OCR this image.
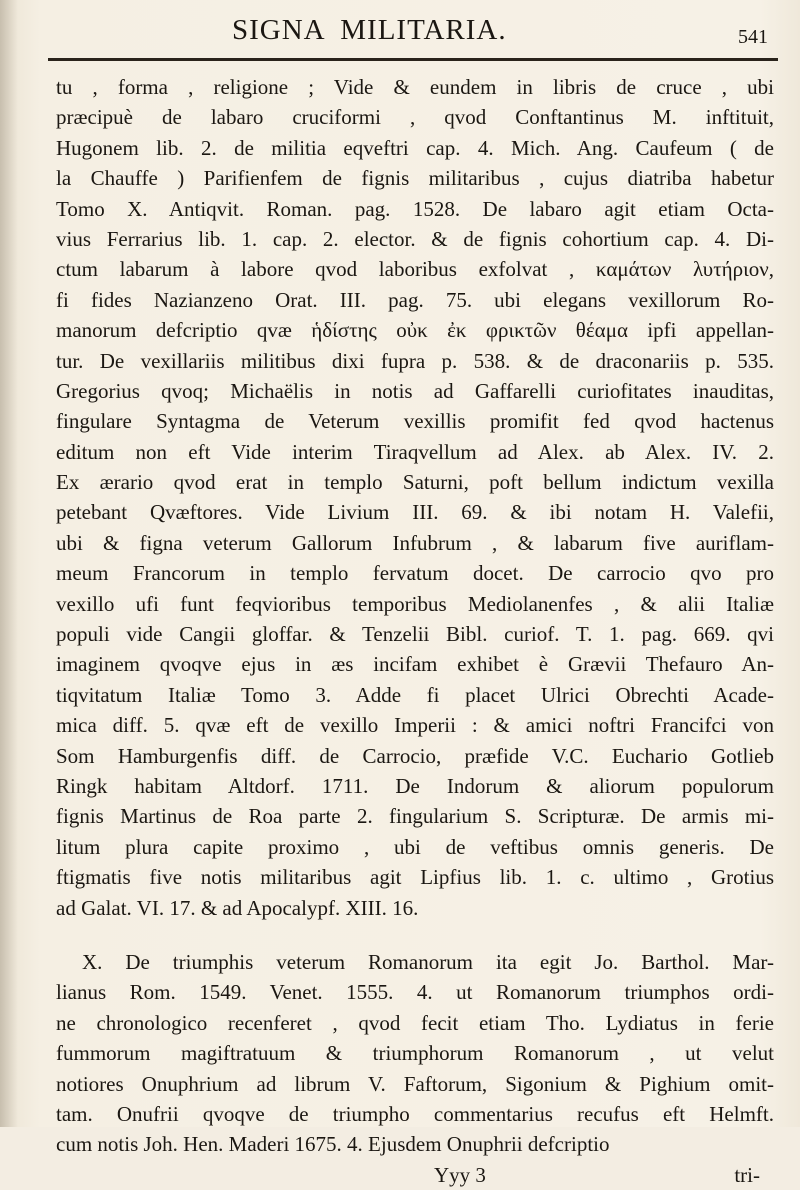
SIGNA MILITARIA.	541
tu , forma , religione ; Vide & eundem in libris de cruce , ubi
præcipuè de labaro cruciformi , qvod Conftantinus M. inftituit,
Hugonem lib. 2. de militia eqveftri cap. 4. Mich. Ang. Caufeum ( de
la Chauffe ) Parifienfem de fignis militaribus , cujus diatriba habetur
Tomo X. Antiqvit. Roman. pag. 1528. De labaro agit etiam Octa-
vius Ferrarius lib. 1. cap. 2. elector. & de fignis cohortium cap. 4. Di-
ctum labarum à labore qvod laboribus exfolvat , καμάτων λυτήριον,
fi fides Nazianzeno Orat. III. pag. 75. ubi elegans vexillorum Ro-
manorum defcriptio qvæ ἡδίστης οὐκ ἐκ φρικτῶν θέαμα ipfi appellan-
tur. De vexillariis militibus dixi fupra p. 538. & de draconariis p. 535.
Gregorius qvoq; Michaëlis in notis ad Gaffarelli curiofitates inauditas,
fingulare Syntagma de Veterum vexillis promifit fed qvod hactenus
editum non eft Vide interim Tiraqvellum ad Alex. ab Alex. IV. 2.
Ex ærario qvod erat in templo Saturni, poft bellum indictum vexilla
petebant Qvæftores. Vide Livium III. 69. & ibi notam H. Valefii,
ubi & figna veterum Gallorum Infubrum , & labarum five auriflam-
meum Francorum in templo fervatum docet. De carrocio qvo pro
vexillo ufi funt feqvioribus temporibus Mediolanenfes , & alii Italiæ
populi vide Cangii gloffar. & Tenzelii Bibl. curiof. T. 1. pag. 669. qvi
imaginem qvoqve ejus in æs incifam exhibet è Grævii Thefauro An-
tiqvitatum Italiæ Tomo 3. Adde fi placet Ulrici Obrechti Acade-
mica diff. 5. qvæ eft de vexillo Imperii : & amici noftri Francifci von
Som Hamburgenfis diff. de Carrocio, præfide V.C. Euchario Gotlieb
Ringk habitam Altdorf. 1711. De Indorum & aliorum populorum
fignis Martinus de Roa parte 2. fingularium S. Scripturæ. De armis mi-
litum plura capite proximo , ubi de veftibus omnis generis. De
ftigmatis five notis militaribus agit Lipfius lib. 1. c. ultimo , Grotius
ad Galat. VI. 17. & ad Apocalypf. XIII. 16.
X. De triumphis veterum Romanorum ita egit Jo. Barthol. Mar-
lianus Rom. 1549. Venet. 1555. 4. ut Romanorum triumphos ordi-
ne chronologico recenferet , qvod fecit etiam Tho. Lydiatus in ferie
fummorum magiftratuum & triumphorum Romanorum , ut velut
notiores Onuphrium ad librum V. Faftorum, Sigonium & Pighium omit-
tam. Onufrii qvoqve de triumpho commentarius recufus eft Helmft.
cum notis Joh. Hen. Maderi 1675. 4. Ejusdem Onuphrii defcriptio
Yyy 3	tri-
